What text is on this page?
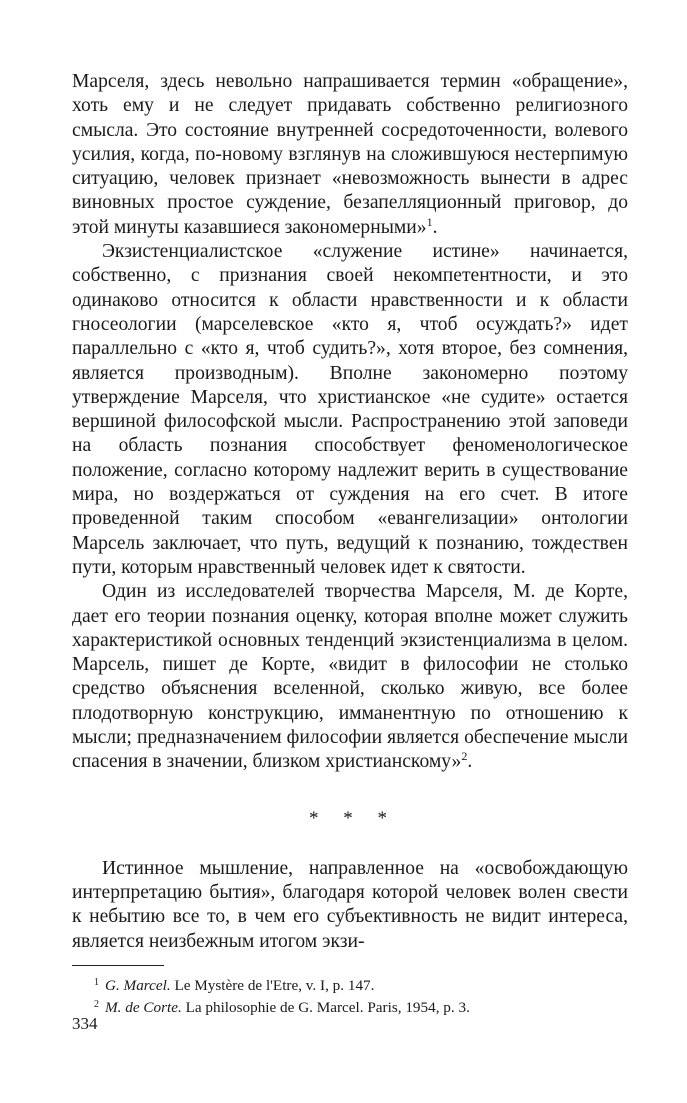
Марселя, здесь невольно напрашивается термин «обращение», хоть ему и не следует придавать собственно религиозного смысла. Это состояние внутренней сосредоточенности, волевого усилия, когда, по-новому взглянув на сложившуюся нестерпимую ситуацию, человек признает «невозможность вынести в адрес виновных простое суждение, безапелляционный приговор, до этой минуты казавшиеся закономерными»$^1$.

Экзистенциалистское «служение истине» начинается, собственно, с признания своей некомпетентности, и это одинаково относится к области нравственности и к области гносеологии (марселевское «кто я, чтоб осуждать?» идет параллельно с «кто я, чтоб судить?», хотя второе, без сомнения, является производным). Вполне закономерно поэтому утверждение Марселя, что христианское «не судите» остается вершиной философской мысли. Распространению этой заповеди на область познания способствует феноменологическое положение, согласно которому надлежит верить в существование мира, но воздержаться от суждения на его счет. В итоге проведенной таким способом «евангелизации» онтологии Марсель заключает, что путь, ведущий к познанию, тождествен пути, которым нравственный человек идет к святости.

Один из исследователей творчества Марселя, М. де Корте, дает его теории познания оценку, которая вполне может служить характеристикой основных тенденций экзистенциализма в целом. Марсель, пишет де Корте, «видит в философии не столько средство объяснения вселенной, сколько живую, все более плодотворную конструкцию, имманентную по отношению к мысли; предназначением философии является обеспечение мысли спасения в значении, близком христианскому»$^2$.

* * *

Истинное мышление, направленное на «освобождающую интерпретацию бытия», благодаря которой человек волен свести к небытию все то, в чем его субъективность не видит интереса, является неизбежным итогом экзи-

$^1$ G. Marcel. Le Mystère de l'Etre, v. I, p. 147.

$^2$ M. de Corte. La philosophie de G. Marcel. Paris, 1954, p. 3.

334
